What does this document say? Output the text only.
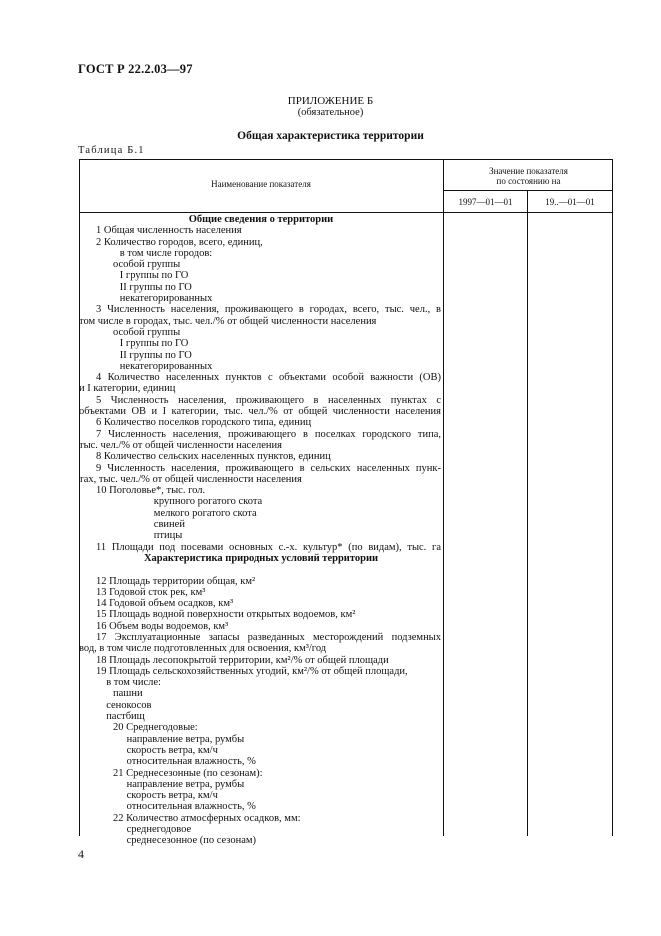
ГОСТ Р 22.2.03—97
ПРИЛОЖЕНИЕ Б
(обязательное)
Общая характеристика территории
Таблица Б.1
Наименование показателя
Значение показателя
по состоянию на
1997—01—01	19..—01—01
Общие сведения о территории
1 Общая численность населения
2 Количество городов, всего, единиц,
в том числе городов:
особой группы
I группы по ГО
II группы по ГО
некатегорированных
3 Численность населения, проживающего в городах, всего, тыс. чел., в
том числе в городах, тыс. чел./% от общей численности населения
особой группы
I группы по ГО
II группы по ГО
некатегорированных
4 Количество населенных пунктов с объектами особой важности (ОВ)
и I категории, единиц
5 Численность населения, проживающего в населенных пунктах с
объектами ОВ и I категории, тыс. чел./% от общей численности населения
6 Количество поселков городского типа, единиц
7 Численность населения, проживающего в поселках городского типа,
тыс. чел./% от общей численности населения
8 Количество сельских населенных пунктов, единиц
9 Численность населения, проживающего в сельских населенных пунк-
тах, тыс. чел./% от общей численности населения
10 Поголовье*, тыс. гол.
крупного рогатого скота
мелкого рогатого скота
свиней
птицы
11 Площади под посевами основных с.-х. культур* (по видам), тыс. га
Характеристика природных условий территории
12 Площадь территории общая, км²
13 Годовой сток рек, км³
14 Годовой объем осадков, км³
15 Площадь водной поверхности открытых водоемов, км²
16 Объем воды водоемов, км³
17 Эксплуатационные запасы разведанных месторождений подземных
вод, в том числе подготовленных для освоения, км³/год
18 Площадь лесопокрытой территории, км²/% от общей площади
19 Площадь сельскохозяйственных угодий, км²/% от общей площади,
в том числе:
пашни
сенокосов
пастбищ
20 Среднегодовые:
направление ветра, румбы
скорость ветра, км/ч
относительная влажность, %
21 Среднесезонные (по сезонам):
направление ветра, румбы
скорость ветра, км/ч
относительная влажность, %
22 Количество атмосферных осадков, мм:
среднегодовое
среднесезонное (по сезонам)
4
